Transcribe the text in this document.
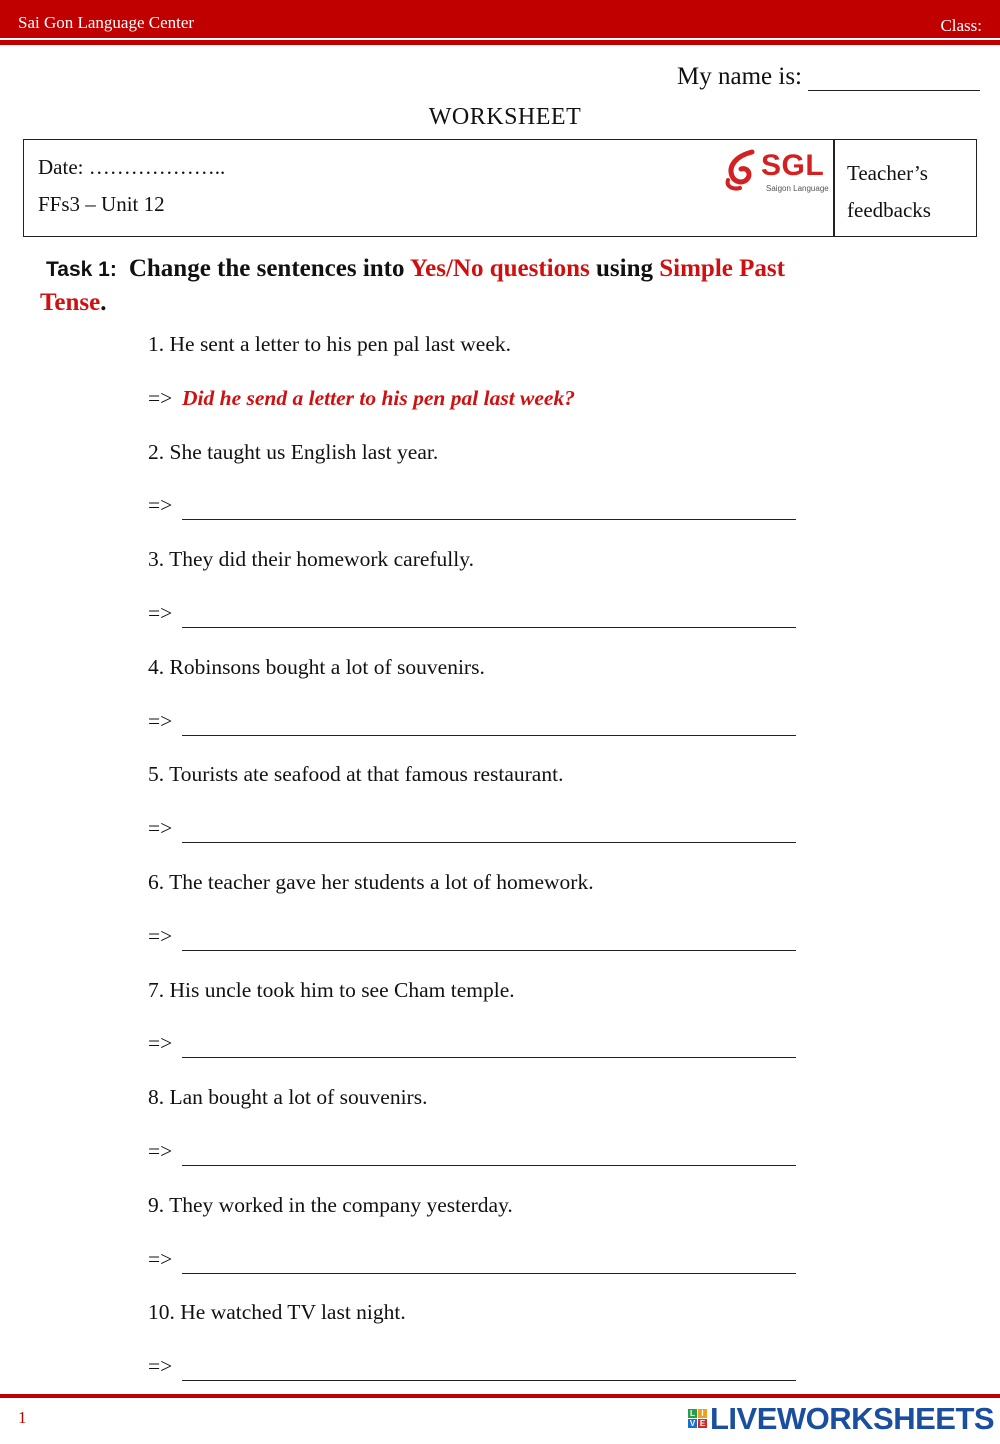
Sai Gon Language Center	Class:
My name is:
WORKSHEET
Date: ………………..
FFs3 – Unit 12
SGL
Saigon Language
Teacher’s
feedbacks
Task 1: Change the sentences into Yes/No questions using Simple Past
Tense.
1. He sent a letter to his pen pal last week.
=> Did he send a letter to his pen pal last week?
2. She taught us English last year.
=>
3. They did their homework carefully.
=>
4. Robinsons bought a lot of souvenirs.
=>
5. Tourists ate seafood at that famous restaurant.
=>
6. The teacher gave her students a lot of homework.
=>
7. His uncle took him to see Cham temple.
=>
8. Lan bought a lot of souvenirs.
=>
9. They worked in the company yesterday.
=>
10. He watched TV last night.
=>
1	L I
V E LIVEWORKSHEETS
